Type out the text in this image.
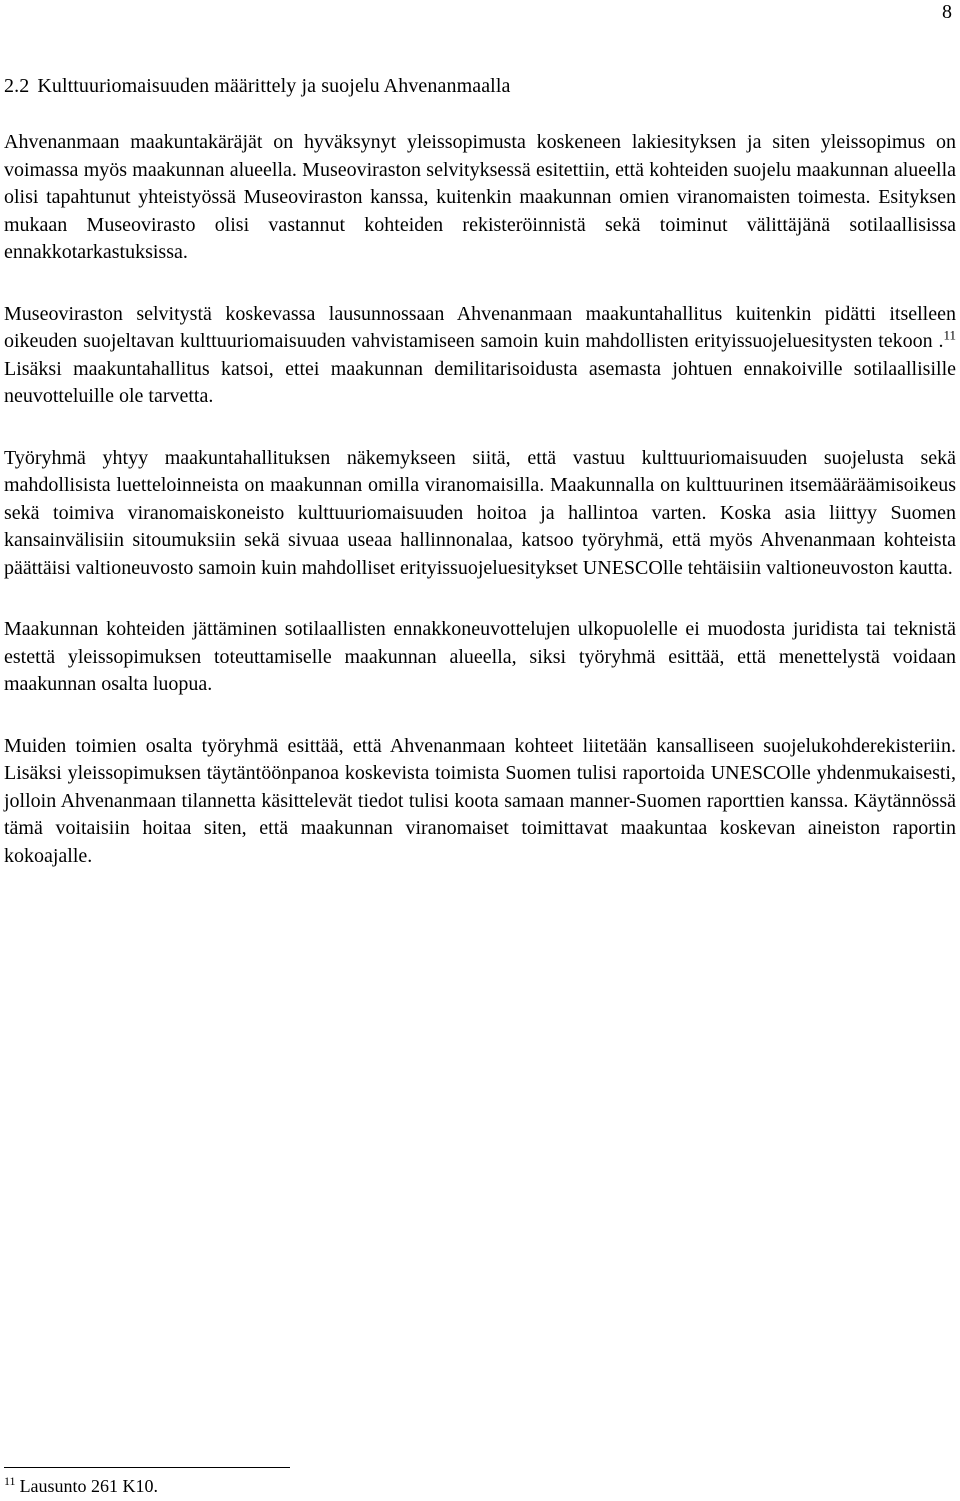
8
2.2 Kulttuuriomaisuuden määrittely ja suojelu Ahvenanmaalla

Ahvenanmaan maakuntakäräjät on hyväksynyt yleissopimusta koskeneen lakiesityksen ja siten yleissopimus on voimassa myös maakunnan alueella. Museoviraston selvityksessä esitettiin, että kohteiden suojelu maakunnan alueella olisi tapahtunut yhteistyössä Museoviraston kanssa, kuitenkin maakunnan omien viranomaisten toimesta. Esityksen mukaan Museovirasto olisi vastannut kohteiden rekisteröinnistä sekä toiminut välittäjänä sotilaallisissa ennakkotarkastuksissa.

Museoviraston selvitystä koskevassa lausunnossaan Ahvenanmaan maakuntahallitus kuitenkin pidätti itselleen oikeuden suojeltavan kulttuuriomaisuuden vahvistamiseen samoin kuin mahdollisten erityissuojeluesitysten tekoon .$^{11}$ Lisäksi maakuntahallitus katsoi, ettei maakunnan demilitarisoidusta asemasta johtuen ennakoiville sotilaallisille neuvotteluille ole tarvetta.

Työryhmä yhtyy maakuntahallituksen näkemykseen siitä, että vastuu kulttuuriomaisuuden suojelusta sekä mahdollisista luetteloinneista on maakunnan omilla viranomaisilla. Maakunnalla on kulttuurinen itsemääräämisoikeus sekä toimiva viranomaiskoneisto kulttuuriomaisuuden hoitoa ja hallintoa varten. Koska asia liittyy Suomen kansainvälisiin sitoumuksiin sekä sivuaa useaa hallinnonalaa, katsoo työryhmä, että myös Ahvenanmaan kohteista päättäisi valtioneuvosto samoin kuin mahdolliset erityissuojeluesitykset UNESCOlle tehtäisiin valtioneuvoston kautta.

Maakunnan kohteiden jättäminen sotilaallisten ennakkoneuvottelujen ulkopuolelle ei muodosta juridista tai teknistä estettä yleissopimuksen toteuttamiselle maakunnan alueella, siksi työryhmä esittää, että menettelystä voidaan maakunnan osalta luopua.

Muiden toimien osalta työryhmä esittää, että Ahvenanmaan kohteet liitetään kansalliseen suojelukohderekisteriin. Lisäksi yleissopimuksen täytäntöönpanoa koskevista toimista Suomen tulisi raportoida UNESCOlle yhdenmukaisesti, jolloin Ahvenanmaan tilannetta käsittelevät tiedot tulisi koota samaan manner-Suomen raporttien kanssa. Käytännössä tämä voitaisiin hoitaa siten, että maakunnan viranomaiset toimittavat maakuntaa koskevan aineiston raportin kokoajalle.

$^{11}$ Lausunto 261 K10.
